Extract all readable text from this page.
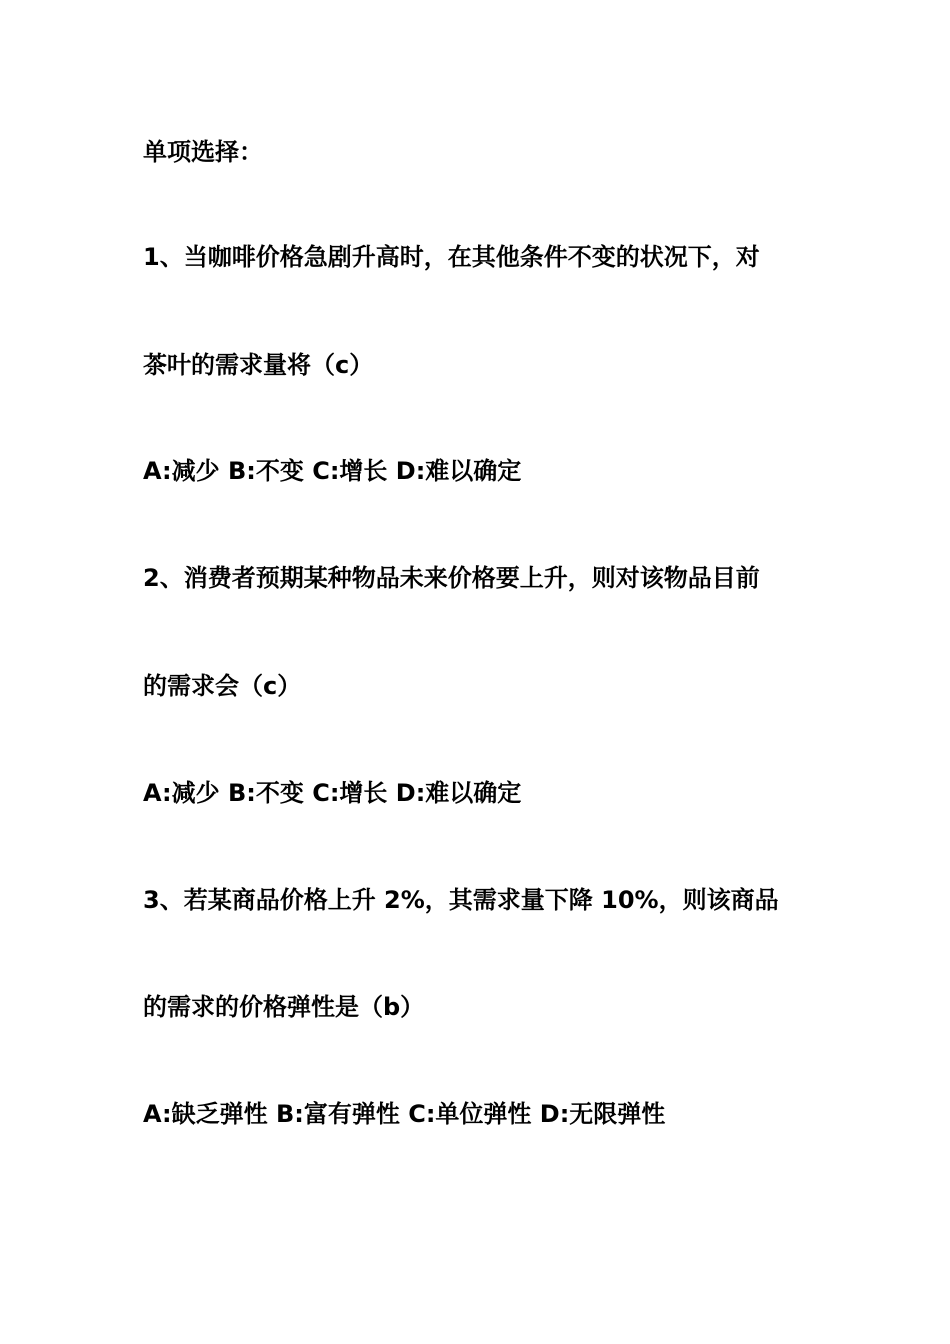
单项选择：
1、当咖啡价格急剧升高时，在其他条件不变的状况下，对
茶叶的需求量将（c）
A:减少 B:不变 C:增长 D:难以确定
2、消费者预期某种物品未来价格要上升，则对该物品目前
的需求会（c）
A:减少 B:不变 C:增长 D:难以确定
3、若某商品价格上升 2%，其需求量下降 10%，则该商品
的需求的价格弹性是（b）
A:缺乏弹性 B:富有弹性 C:单位弹性 D:无限弹性
